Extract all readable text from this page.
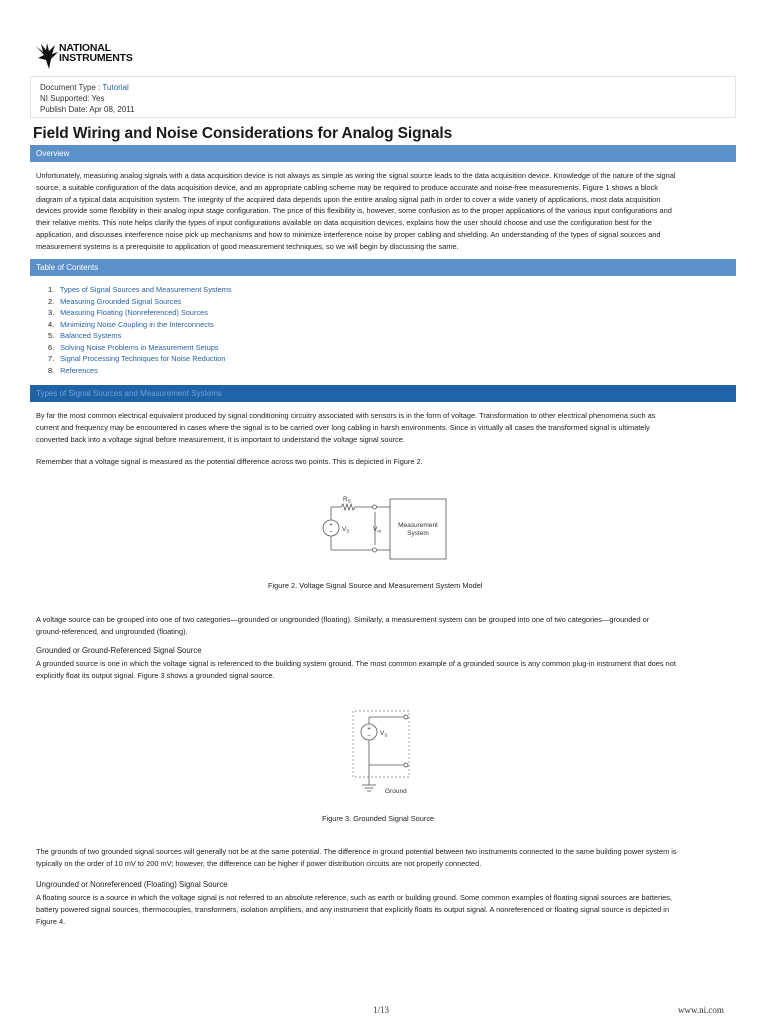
NATIONAL
INSTRUMENTS
Document Type : Tutorial
NI Supported: Yes
Publish Date: Apr 08, 2011
Field Wiring and Noise Considerations for Analog Signals
Overview
Unfortunately, measuring analog signals with a data acquisition device is not always as simple as wiring the signal source leads to the data acquisition device. Knowledge of the nature of the signal
source, a suitable configuration of the data acquisition device, and an appropriate cabling scheme may be required to produce accurate and noise-free measurements. Figure 1 shows a block
diagram of a typical data acquisition system. The integrity of the acquired data depends upon the entire analog signal path in order to cover a wide variety of applications, most data acquisition
devices provide some flexibility in their analog input stage configuration. The price of this flexibility is, however, some confusion as to the proper applications of the various input configurations and
their relative merits. This note helps clarify the types of input configurations available on data acquisition devices, explains how the user should choose and use the configuration best for the
application, and discusses interference noise pick up mechanisms and how to minimize interference noise by proper cabling and shielding. An understanding of the types of signal sources and
measurement systems is a prerequisite to application of good measurement techniques, so we will begin by discussing the same.
Table of Contents
1. Types of Signal Sources and Measurement Systems
2. Measuring Grounded Signal Sources
3. Measuring Floating (Nonreferenced) Sources
4. Minimizing Noise Coupling in the Interconnects
5. Balanced Systems
6. Solving Noise Problems in Measurement Setups
7. Signal Processing Techniques for Noise Reduction
8. References
Types of Signal Sources and Measurement Systems
By far the most common electrical equivalent produced by signal conditioning circuitry associated with sensors is in the form of voltage. Transformation to other electrical phenomena such as
current and frequency may be encountered in cases where the signal is to be carried over long cabling in harsh environments. Since in virtually all cases the transformed signal is ultimately
converted back into a voltage signal before measurement, it is important to understand the voltage signal source.
Remember that a voltage signal is measured as the potential difference across two points. This is depicted in Figure 2.
+
−
$R_S$
$V_S$	$V_m$
Measurement
System
Figure 2. Voltage Signal Source and Measurement System Model
A voltage source can be grouped into one of two categories—grounded or ungrounded (floating). Similarly, a measurement system can be grouped into one of two categories—grounded or
ground-referenced, and ungrounded (floating).
Grounded or Ground-Referenced Signal Source
A grounded source is one in which the voltage signal is referenced to the building system ground. The most common example of a grounded source is any common plug-in instrument that does not
explicitly float its output signal. Figure 3 shows a grounded signal source.
+
− $V_S$
Ground
Figure 3. Grounded Signal Source
The grounds of two grounded signal sources will generally not be at the same potential. The difference in ground potential between two instruments connected to the same building power system is
typically on the order of 10 mV to 200 mV; however, the difference can be higher if power distribution circuits are not properly connected.
Ungrounded or Nonreferenced (Floating) Signal Source
A floating source is a source in which the voltage signal is not referred to an absolute reference, such as earth or building ground. Some common examples of floating signal sources are batteries,
battery powered signal sources, thermocouples, transformers, isolation amplifiers, and any instrument that explicitly floats its output signal. A nonreferenced or floating signal source is depicted in
Figure 4.
1/13	www.ni.com
